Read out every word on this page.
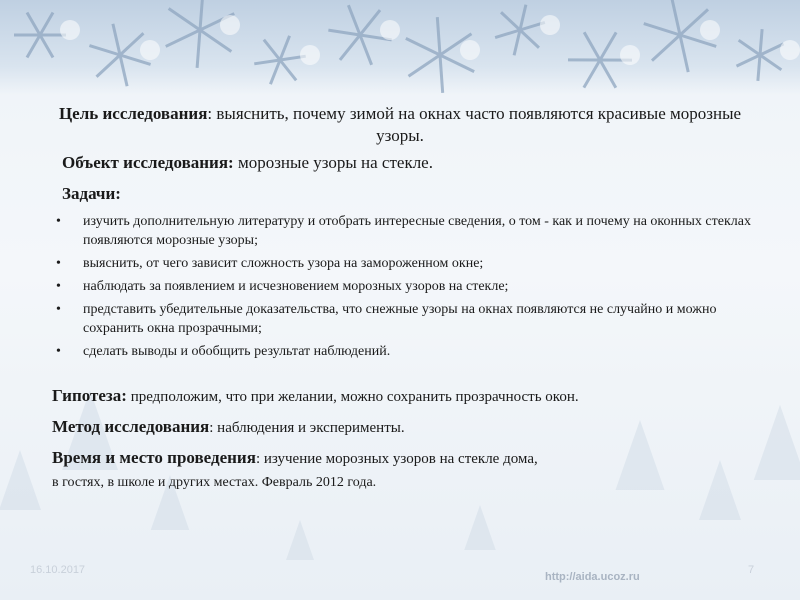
Цель исследования: выяснить, почему зимой на окнах часто появляются красивые морозные узоры.
Объект исследования: морозные узоры на стекле.
Задачи:
• изучить дополнительную литературу и отобрать интересные сведения, о том - как и почему на оконных стеклах появляются морозные узоры;
• выяснить, от чего зависит сложность узора на замороженном окне;
• наблюдать за появлением и исчезновением морозных узоров на стекле;
• представить убедительные доказательства, что снежные узоры на окнах появляются не случайно и можно сохранить окна прозрачными;
• сделать выводы и обобщить результат наблюдений.
Гипотеза: предположим, что при желании, можно сохранить прозрачность окон.
Метод исследования: наблюдения и эксперименты.
Время и место проведения: изучение морозных узоров на стекле дома,
в гостях, в школе и других местах. Февраль 2012 года.
16.10.2017
http://aida.ucoz.ru
7
